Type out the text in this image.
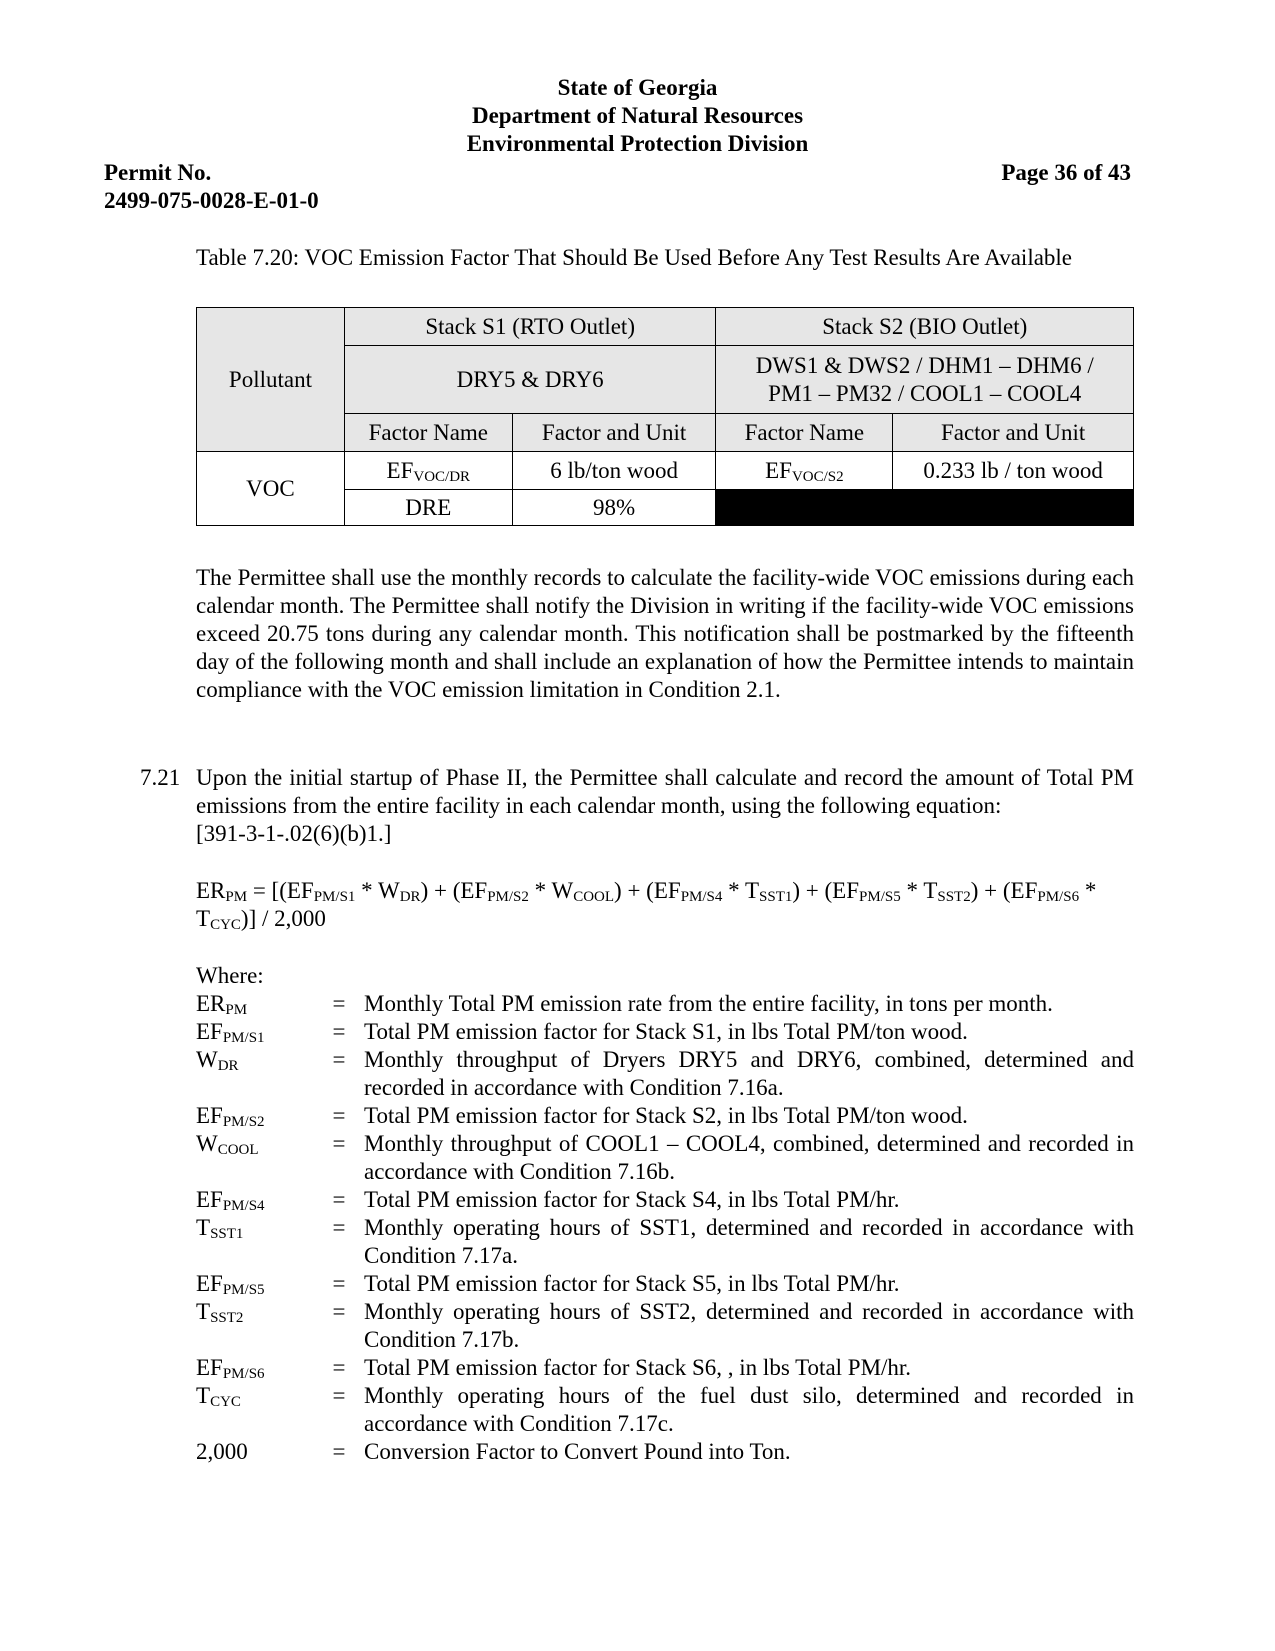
State of Georgia
Department of Natural Resources
Environmental Protection Division
Permit No.
2499-075-0028-E-01-0
Page 36 of 43
Table 7.20: VOC Emission Factor That Should Be Used Before Any Test Results Are Available
Pollutant	Stack S1 (RTO Outlet)		Stack S2 (BIO Outlet)	
	DRY5 & DRY6		DWS1 & DWS2 / DHM1 – DHM6 /
PM1 – PM32 / COOL1 – COOL4	
	Factor Name	Factor and Unit	Factor Name	Factor and Unit
VOC	$EF_{VOC/DR}$	6 lb/ton wood	$EF_{VOC/S2}$	0.233 lb / ton wood
	DRE	98%		
The Permittee shall use the monthly records to calculate the facility-wide VOC emissions during each calendar month. The Permittee shall notify the Division in writing if the facility-wide VOC emissions exceed 20.75 tons during any calendar month. This notification shall be postmarked by the fifteenth day of the following month and shall include an explanation of how the Permittee intends to maintain compliance with the VOC emission limitation in Condition 2.1.
7.21 Upon the initial startup of Phase II, the Permittee shall calculate and record the amount of Total PM emissions from the entire facility in each calendar month, using the following equation:
[391-3-1-.02(6)(b)1.]
$ER_{PM} = [(EF_{PM/S1} * W_{DR}) + (EF_{PM/S2} * W_{COOL}) + (EF_{PM/S4} * T_{SST1}) + (EF_{PM/S5} * T_{SST2}) + (EF_{PM/S6} * T_{CYC})] / 2,000$
Where:
$ER_{PM}$	= Monthly Total PM emission rate from the entire facility, in tons per month.
$EF_{PM/S1}$	= Total PM emission factor for Stack S1, in lbs Total PM/ton wood.
$W_{DR}$	= Monthly throughput of Dryers DRY5 and DRY6, combined, determined and recorded in accordance with Condition 7.16a.
$EF_{PM/S2}$	= Total PM emission factor for Stack S2, in lbs Total PM/ton wood.
$W_{COOL}$	= Monthly throughput of COOL1 – COOL4, combined, determined and recorded in accordance with Condition 7.16b.
$EF_{PM/S4}$	= Total PM emission factor for Stack S4, in lbs Total PM/hr.
$T_{SST1}$	= Monthly operating hours of SST1, determined and recorded in accordance with Condition 7.17a.
$EF_{PM/S5}$	= Total PM emission factor for Stack S5, in lbs Total PM/hr.
$T_{SST2}$	= Monthly operating hours of SST2, determined and recorded in accordance with Condition 7.17b.
$EF_{PM/S6}$	= Total PM emission factor for Stack S6, , in lbs Total PM/hr.
$T_{CYC}$	= Monthly operating hours of the fuel dust silo, determined and recorded in accordance with Condition 7.17c.
2,000	= Conversion Factor to Convert Pound into Ton.
